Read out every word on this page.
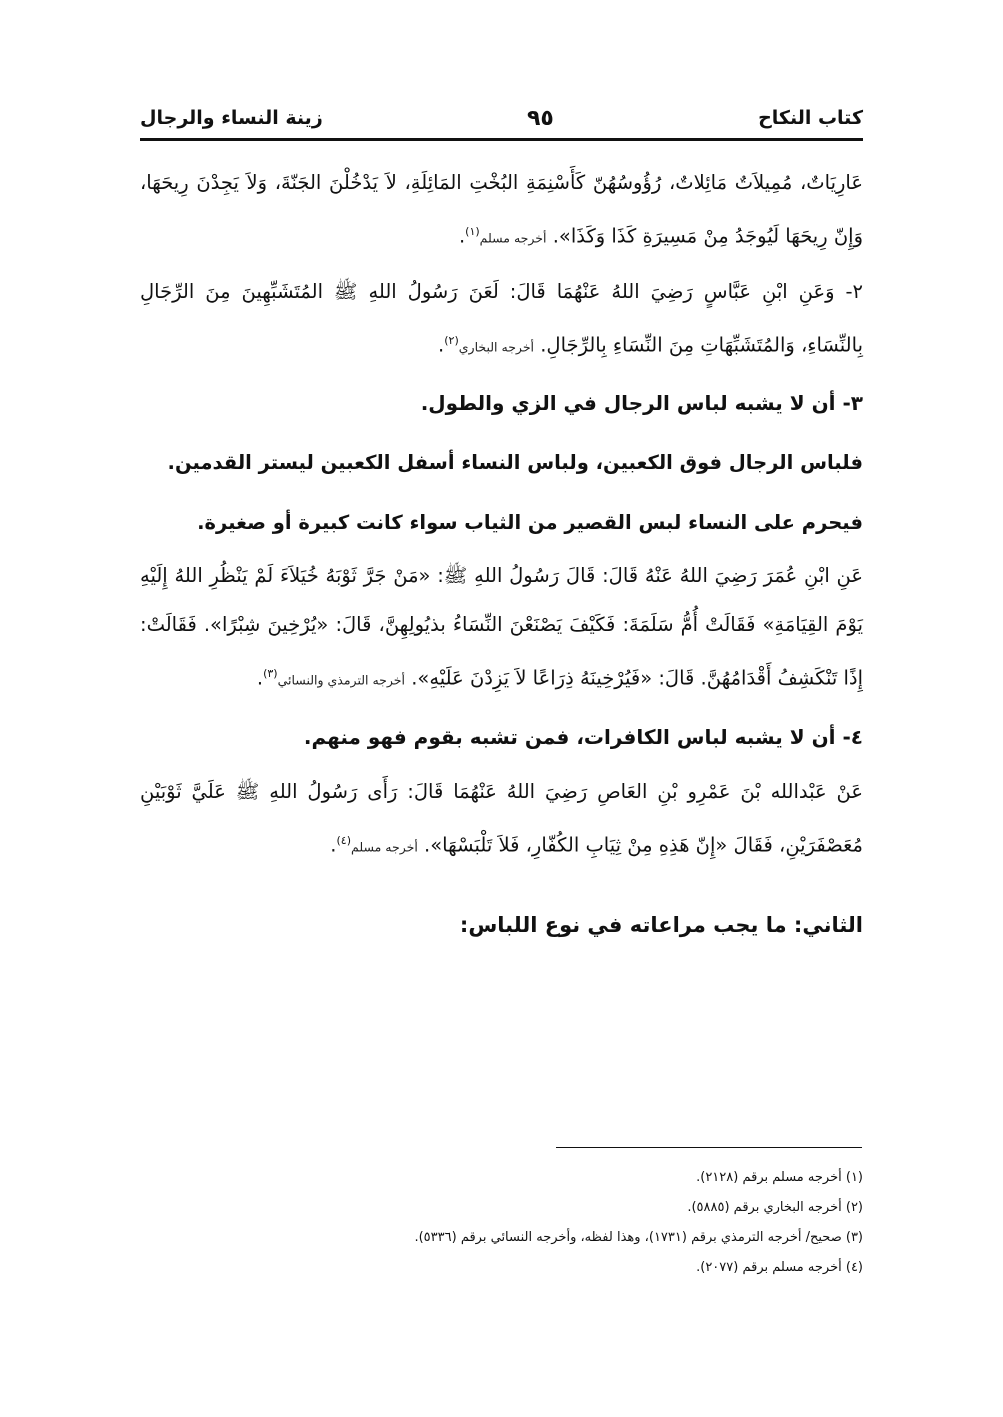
كتاب النكاح
٩٥
زينة النساء والرجال

عَارِيَاتٌ، مُمِيلاَتٌ مَائِلاتٌ، رُؤُوسُهُنّ كَأَسْنِمَةِ البُخْتِ المَائِلَةِ، لاَ يَدْخُلْنَ الجَنّةَ، وَلاَ يَجِدْنَ رِيحَهَا، وَإِنّ رِيحَهَا لَيُوجَدُ مِنْ مَسِيرَةِ كَذَا وَكَذَا». أخرجه مسلم$^{(١)}$.

٢- وَعَنِ ابْنِ عَبَّاسٍ رَضِيَ اللهُ عَنْهُمَا قَالَ: لَعَنَ رَسُولُ اللهِ ﷺ المُتَشَبِّهِينَ مِنَ الرِّجَالِ بِالنِّسَاءِ، وَالمُتَشَبِّهَاتِ مِنَ النِّسَاءِ بِالرِّجَالِ. أخرجه البخاري$^{(٢)}$.

٣- أن لا يشبه لباس الرجال في الزي والطول.

فلباس الرجال فوق الكعبين، ولباس النساء أسفل الكعبين ليستر القدمين.

فيحرم على النساء لبس القصير من الثياب سواء كانت كبيرة أو صغيرة.

عَنِ ابْنِ عُمَرَ رَضِيَ اللهُ عَنْهُ قَالَ: قَالَ رَسُولُ اللهِ ﷺ: «مَنْ جَرَّ ثَوْبَهُ خُيَلاَءَ لَمْ يَنْظُرِ اللهُ إِلَيْهِ يَوْمَ القِيَامَةِ» فَقَالَتْ أُمُّ سَلَمَةَ: فَكَيْفَ يَصْنَعْنَ النِّسَاءُ بذيُولِهِنَّ، قَالَ: «يُرْخِينَ شِبْرًا». فَقَالَتْ: إِذًا تَنْكَشِفُ أَقْدَامُهُنَّ. قَالَ: «فَيُرْخِينَهُ ذِرَاعًا لاَ يَزِدْنَ عَلَيْهِ». أخرجه الترمذي والنسائي$^{(٣)}$.

٤- أن لا يشبه لباس الكافرات، فمن تشبه بقوم فهو منهم.

عَنْ عَبْدالله بْنَ عَمْرِو بْنِ العَاصِ رَضِيَ اللهُ عَنْهُمَا قَالَ: رَأَى رَسُولُ اللهِ ﷺ عَلَيَّ ثَوْبَيْنِ مُعَصْفَرَيْنِ، فَقَالَ «إِنّ هَذِهِ مِنْ ثِيَابِ الكُفّارِ، فَلاَ تَلْبَسْهَا». أخرجه مسلم$^{(٤)}$.

الثاني: ما يجب مراعاته في نوع اللباس:

(١) أخرجه مسلم برقم (٢١٢٨).
(٢) أخرجه البخاري برقم (٥٨٨٥).
(٣) صحيح/ أخرجه الترمذي برقم (١٧٣١)، وهذا لفظه، وأخرجه النسائي برقم (٥٣٣٦).
(٤) أخرجه مسلم برقم (٢٠٧٧).
